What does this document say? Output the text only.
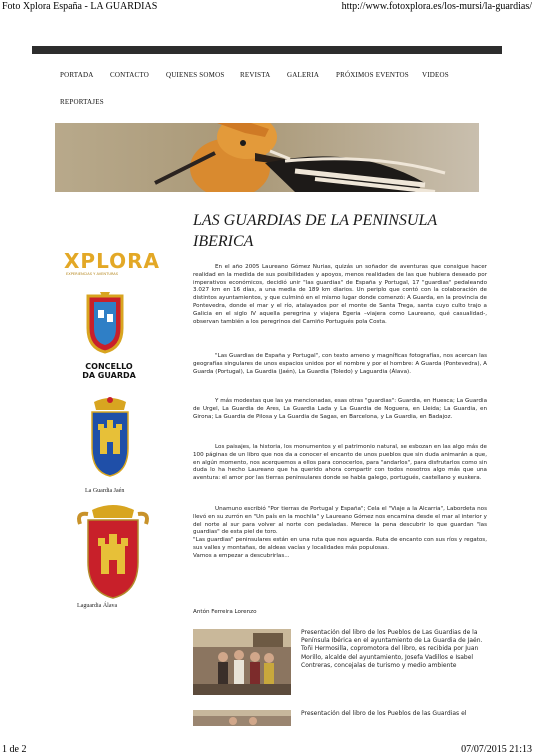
Foto Xplora España - LA GUARDIAS	http://www.fotoxplora.es/los-mursi/la-guardias/
PORTADA CONTACTO QUIENES SOMOS REVISTA GALERIA PRÓXIMOS EVENTOS VIDEOS
REPORTAJES
LAS GUARDIAS DE LA PENINSULA IBERICA
XPLORA
EXPERIENCIAS Y AVENTURAS
CONCELLO
DA GUARDA
La Guardia Jaén
Laguardia Álava

En el año 2005 Laureano Gómez Nurias, quizás un soñador de aventuras que consigue hacer realidad en la medida de sus posibilidades y apoyos, menos realidades de las que hubiera deseado por imperativos económicos, decidió unir "las guardias" de España y Portugal, 17 "guardias" pedaleando 3.027 km en 16 días, a una media de 189 km diarios. Un periplo que contó con la colaboración de distintos ayuntamientos, y que culminó en el mismo lugar donde comenzó: A Guarda, en la provincia de Pontevedra, donde el mar y el río, atalayados por el monte de Santa Trega, santa cuyo culto trajo a Galicia en el siglo IV aquella peregrina y viajera Egeria –viajera como Laureano, qué casualidad-, observan también a los peregrinos del Camiño Portugués pola Costa.

"Las Guardias de España y Portugal", con texto ameno y magníficas fotografías, nos acercan las geografías singulares de unos espacios unidos por el nombre y por el hombre: A Guarda (Pontevedra), A Guarda (Portugal), La Guardia (Jaén), La Guardia (Toledo) y Laguardia (Álava).

Y más modestas que las ya mencionadas, esas otras "guardias": Guardia, en Huesca; La Guardia de Urgel, La Guardia de Ares, La Guardia Lada y La Guardia de Noguera, en Lleida; La Guardia, en Girona; La Guardia de Pilosa y La Guardia de Sagas, en Barcelona, y La Guardia, en Badajoz.

Los paisajes, la historia, los monumentos y el patrimonio natural, se esbozan en las algo más de 100 páginas de un libro que nos da a conocer el encanto de unos pueblos que sin duda animarán a que, en algún momento, nos acerquemos a ellos para conocerlos, para "andarlos", para disfrutarlos como sin duda lo ha hecho Laureano que ha querido ahora compartir con todos nosotros algo más que una aventura: el amor por las tierras peninsulares donde se habla galego, portugués, castellano y euskera.

Unamuno escribió "Por tierras de Portugal y España"; Cela el "Viaje a la Alcarria", Labordeta nos llevó en su zurrón en "Un país en la mochila" y Laureano Gómez nos encamina desde el mar al interior y del norte al sur para volver al norte con pedaladas. Merece la pena descubrir lo que guardan "las guardias" de esta piel de toro.

"Las guardias" peninsulares están en una ruta que nos aguarda. Ruta de encanto con sus ríos y regatos, sus valles y montañas, de aldeas vacías y localidades más populosas.

Vamos a empezar a descubrirlas...

Antón Ferreira Lorenzo
Presentación del libro de los Pueblos de Las Guardias de la Península Ibérica en el ayuntamiento de La Guardia de Jaén. Toñi Hermosilla, copromotora del libro, es recibida por Juan Morillo, alcalde del ayuntamiento, Josefa Vadillos e Isabel Contreras, concejalas de turismo y medio ambiente
Presentación del libro de los Pueblos de las Guardias el
1 de 2	07/07/2015 21:13
